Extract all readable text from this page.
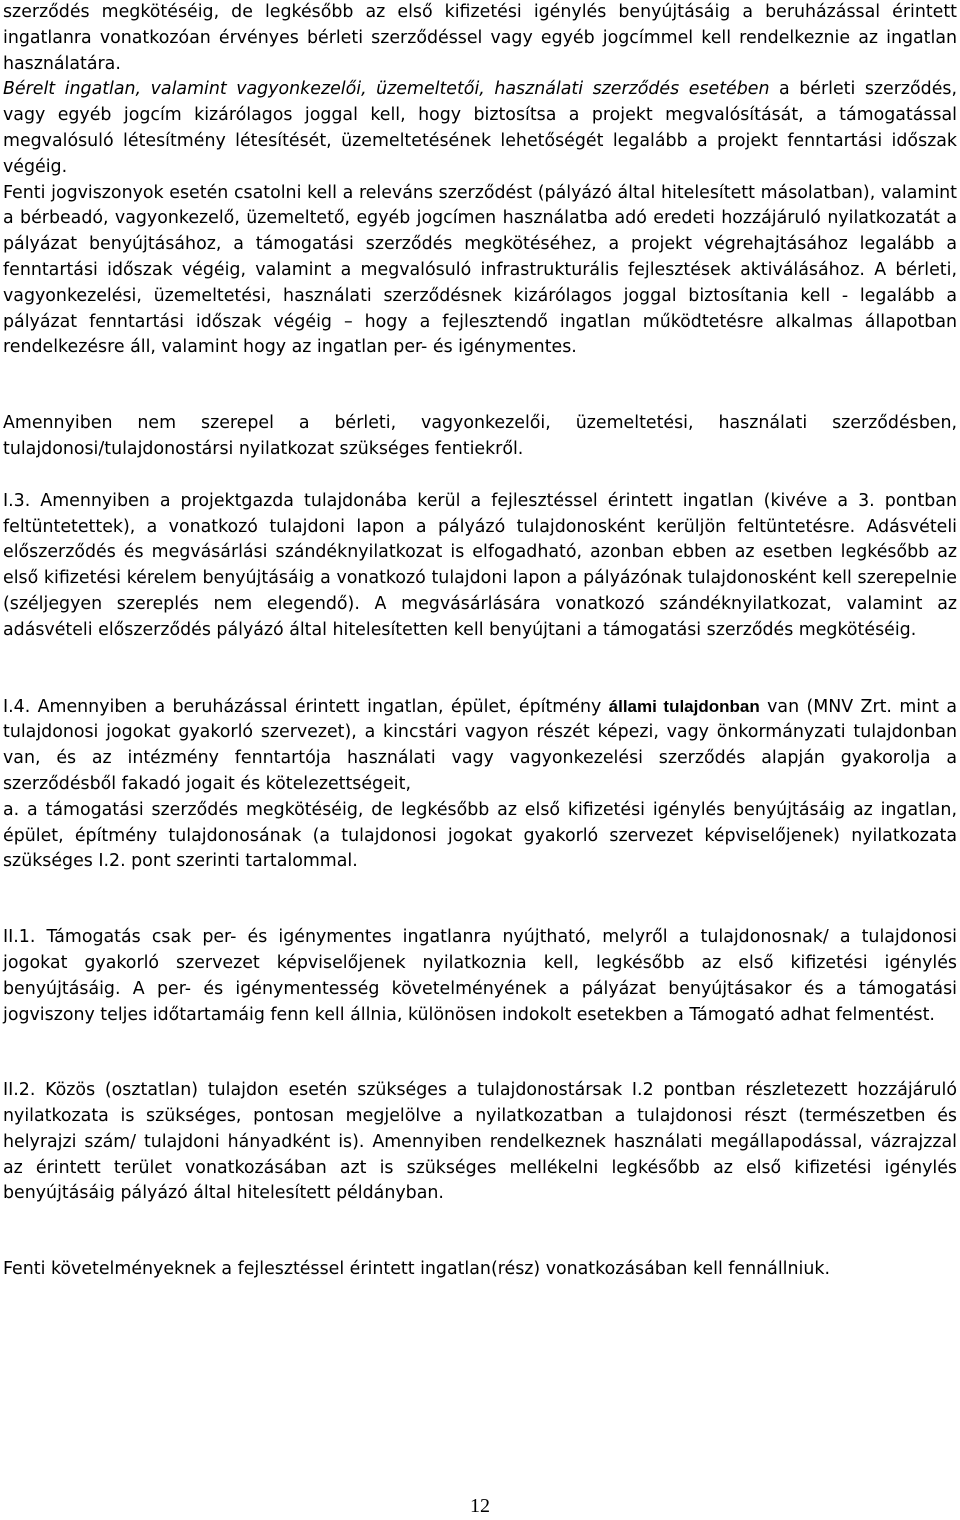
szerződés megkötéséig, de legkésőbb az első kifizetési igénylés benyújtásáig a beruházással érintett ingatlanra vonatkozóan érvényes bérleti szerződéssel vagy egyéb jogcímmel kell rendelkeznie az ingatlan használatára.

Bérelt ingatlan, valamint vagyonkezelői, üzemeltetői, használati szerződés esetében a bérleti szerződés, vagy egyéb jogcím kizárólagos joggal kell, hogy biztosítsa a projekt megvalósítását, a támogatással megvalósuló létesítmény létesítését, üzemeltetésének lehetőségét legalább a projekt fenntartási időszak végéig.

Fenti jogviszonyok esetén csatolni kell a releváns szerződést (pályázó által hitelesített másolatban), valamint a bérbeadó, vagyonkezelő, üzemeltető, egyéb jogcímen használatba adó eredeti hozzájáruló nyilatkozatát a pályázat benyújtásához, a támogatási szerződés megkötéséhez, a projekt végrehajtásához legalább a fenntartási időszak végéig, valamint a megvalósuló infrastrukturális fejlesztések aktiválásához. A bérleti, vagyonkezelési, üzemeltetési, használati szerződésnek kizárólagos joggal biztosítania kell - legalább a pályázat fenntartási időszak végéig – hogy a fejlesztendő ingatlan működtetésre alkalmas állapotban rendelkezésre áll, valamint hogy az ingatlan per- és igénymentes.

Amennyiben nem szerepel a bérleti, vagyonkezelői, üzemeltetési, használati szerződésben, tulajdonosi/tulajdonostársi nyilatkozat szükséges fentiekről.

I.3. Amennyiben a projektgazda tulajdonába kerül a fejlesztéssel érintett ingatlan (kivéve a 3. pontban feltüntetettek), a vonatkozó tulajdoni lapon a pályázó tulajdonosként kerüljön feltüntetésre. Adásvételi előszerződés és megvásárlási szándéknyilatkozat is elfogadható, azonban ebben az esetben legkésőbb az első kifizetési kérelem benyújtásáig a vonatkozó tulajdoni lapon a pályázónak tulajdonosként kell szerepelnie (széljegyen szereplés nem elegendő). A megvásárlására vonatkozó szándéknyilatkozat, valamint az adásvételi előszerződés pályázó által hitelesítetten kell benyújtani a támogatási szerződés megkötéséig.

I.4. Amennyiben a beruházással érintett ingatlan, épület, építmény állami tulajdonban van (MNV Zrt. mint a tulajdonosi jogokat gyakorló szervezet), a kincstári vagyon részét képezi, vagy önkormányzati tulajdonban van, és az intézmény fenntartója használati vagy vagyonkezelési szerződés alapján gyakorolja a szerződésből fakadó jogait és kötelezettségeit,

a. a támogatási szerződés megkötéséig, de legkésőbb az első kifizetési igénylés benyújtásáig az ingatlan, épület, építmény tulajdonosának (a tulajdonosi jogokat gyakorló szervezet képviselőjenek) nyilatkozata szükséges I.2. pont szerinti tartalommal.

II.1. Támogatás csak per- és igénymentes ingatlanra nyújtható, melyről a tulajdonosnak/ a tulajdonosi jogokat gyakorló szervezet képviselőjenek nyilatkoznia kell, legkésőbb az első kifizetési igénylés benyújtásáig. A per- és igénymentesség követelményének a pályázat benyújtásakor és a támogatási jogviszony teljes időtartamáig fenn kell állnia, különösen indokolt esetekben a Támogató adhat felmentést.

II.2. Közös (osztatlan) tulajdon esetén szükséges a tulajdonostársak I.2 pontban részletezett hozzájáruló nyilatkozata is szükséges, pontosan megjelölve a nyilatkozatban a tulajdonosi részt (természetben és helyrajzi szám/ tulajdoni hányadként is). Amennyiben rendelkeznek használati megállapodással, vázrajzzal az érintett terület vonatkozásában azt is szükséges mellékelni legkésőbb az első kifizetési igénylés benyújtásáig pályázó által hitelesített példányban.

Fenti követelményeknek a fejlesztéssel érintett ingatlan(rész) vonatkozásában kell fennállniuk.

12
